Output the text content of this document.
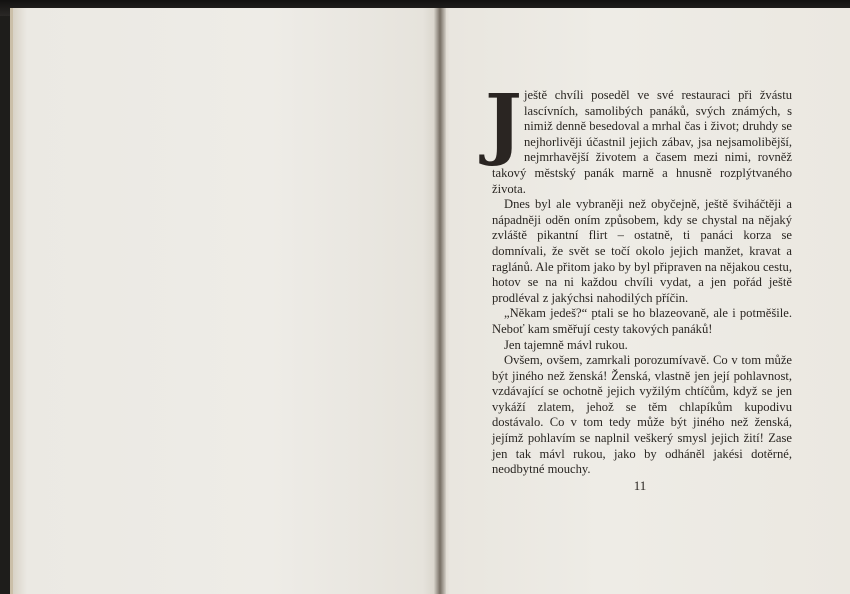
J ještě chvíli poseděl ve své restauraci při žvástu lascívních, samolibých panáků, svých známých, s nimiž denně besedoval a mrhal čas i život; druhdy se nejhorlivěji účastnil jejich zábav, jsa nejsamolibější, nejmrhavější životem a časem mezi nimi, rovněž takový městský panák marně a hnusně rozplýtvaného života.

Dnes byl ale vybraněji než obyčejně, ještě šviháčtěji a nápadněji oděn oním způsobem, kdy se chystal na nějaký zvláště pikantní flirt – ostatně, ti panáci korza se domnívali, že svět se točí okolo jejich manžet, kravat a raglánů. Ale přitom jako by byl připraven na nějakou cestu, hotov se na ni každou chvíli vydat, a jen pořád ještě prodléval z jakýchsi nahodilých příčin.

„Někam jedeš?“ ptali se ho blazeovaně, ale i potměšile. Neboť kam směřují cesty takových panáků!

Jen tajemně mávl rukou.

Ovšem, ovšem, zamrkali porozumívavě. Co v tom může být jiného než ženská! Ženská, vlastně jen její pohlavnost, vzdávající se ochotně jejich vyžilým chtíčům, když se jen vykáží zlatem, jehož se těm chlapíkům kupodivu dostávalo. Co v tom tedy může být jiného než ženská, jejímž pohlavím se naplnil veškerý smysl jejich žití! Zase jen tak mávl rukou, jako by odháněl jakési dotěrné, neodbytné mouchy.

11
